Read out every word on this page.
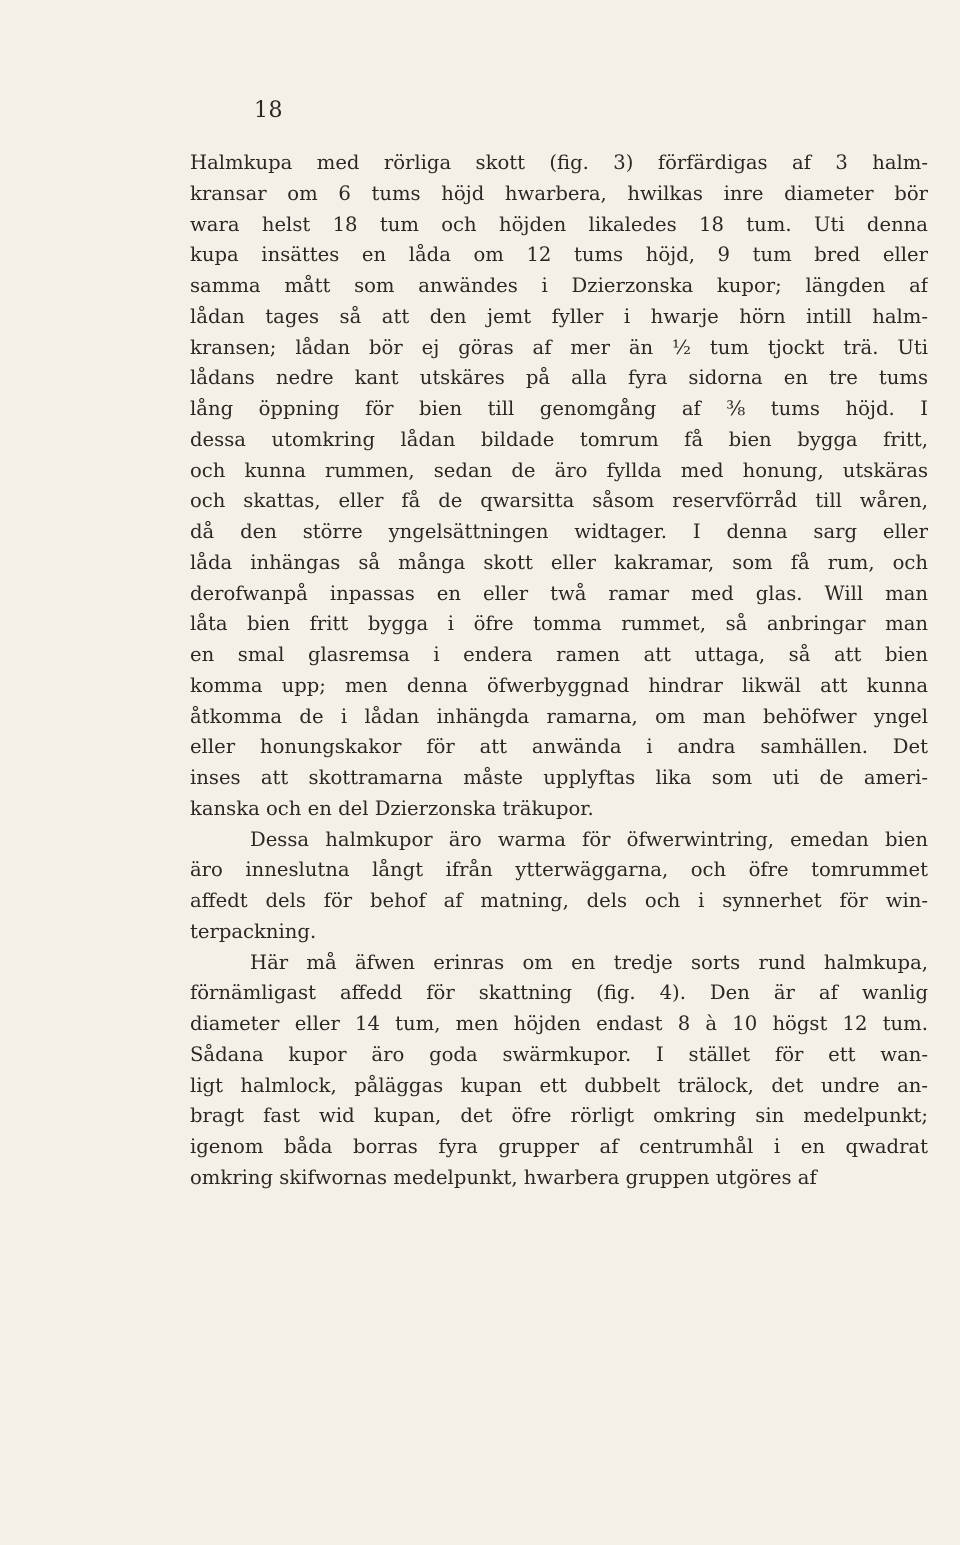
18
Halmkupa med rörliga skott (fig. 3) förfärdigas af 3 halm-
kransar om 6 tums höjd hwarbera, hwilkas inre diameter bör
wara helst 18 tum och höjden likaledes 18 tum. Uti denna
kupa insättes en låda om 12 tums höjd, 9 tum bred eller
samma mått som anwändes i Dzierzonska kupor; längden af
lådan tages så att den jemt fyller i hwarje hörn intill halm-
kransen; lådan bör ej göras af mer än ½ tum tjockt trä. Uti
lådans nedre kant utskäres på alla fyra sidorna en tre tums
lång öppning för bien till genomgång af ⅜ tums höjd. I
dessa utomkring lådan bildade tomrum få bien bygga fritt,
och kunna rummen, sedan de äro fyllda med honung, utskäras
och skattas, eller få de qwarsitta såsom reservförråd till wåren,
då den större yngelsättningen widtager. I denna sarg eller
låda inhängas så många skott eller kakramar, som få rum, och
derofwanpå inpassas en eller twå ramar med glas. Will man
låta bien fritt bygga i öfre tomma rummet, så anbringar man
en smal glasremsa i endera ramen att uttaga, så att bien
komma upp; men denna öfwerbyggnad hindrar likwäl att kunna
åtkomma de i lådan inhängda ramarna, om man behöfwer yngel
eller honungskakor för att anwända i andra samhällen. Det
inses att skottramarna måste upplyftas lika som uti de ameri-
kanska och en del Dzierzonska träkupor.
Dessa halmkupor äro warma för öfwerwintring, emedan bien
äro inneslutna långt ifrån ytterwäggarna, och öfre tomrummet
affedt dels för behof af matning, dels och i synnerhet för win-
terpackning.
Här må äfwen erinras om en tredje sorts rund halmkupa,
förnämligast affedd för skattning (fig. 4). Den är af wanlig
diameter eller 14 tum, men höjden endast 8 à 10 högst 12 tum.
Sådana kupor äro goda swärmkupor. I stället för ett wan-
ligt halmlock, påläggas kupan ett dubbelt trälock, det undre an-
bragt fast wid kupan, det öfre rörligt omkring sin medelpunkt;
igenom båda borras fyra grupper af centrumhål i en qwadrat
omkring skifwornas medelpunkt, hwarbera gruppen utgöres af
